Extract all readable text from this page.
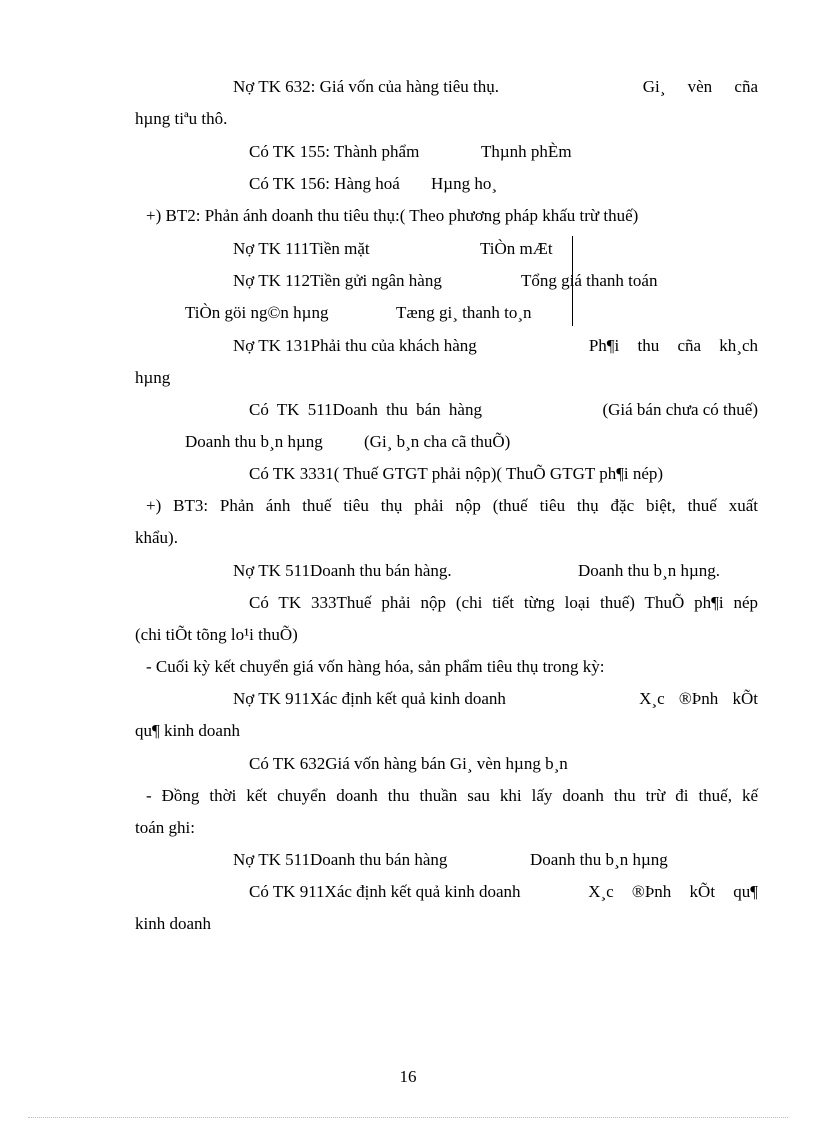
Nợ TK 632: Giá vốn của hàng tiêu thụ.	Gi¸ vèn cña
hµng tiªu thô.
Có TK 155: Thành phẩm	Thµnh phÈm
Có TK 156: Hàng hoá Hµng ho¸
+) BT2: Phản ánh doanh thu tiêu thụ:( Theo phương pháp khấu trừ thuế)
Nợ TK 111Tiền mặt	TiÒn mÆt
Nợ TK 112Tiền gửi ngân hàng	Tổng giá thanh toán
TiÒn göi ng©n hµng	Tæng gi¸ thanh to¸n
Nợ TK 131Phải thu của khách hàng	Ph¶i thu cña kh¸ch
hµng
Có TK 511Doanh thu bán hàng	(Giá bán chưa có thuế)
Doanh thu b¸n hµng (Gi¸ b¸n cha cã thuÕ)
Có TK 3331( Thuế GTGT phải nộp)( ThuÕ GTGT ph¶i nép)
+) BT3: Phản ánh thuế tiêu thụ phải nộp (thuế tiêu thụ đặc biệt, thuế xuất
khẩu).
Nợ TK 511Doanh thu bán hàng.	Doanh thu b¸n hµng.
Có TK 333Thuế phải nộp (chi tiết từng loại thuế) ThuÕ ph¶i nép
(chi tiÕt tõng lo¹i thuÕ)
- Cuối kỳ kết chuyển giá vốn hàng hóa, sản phẩm tiêu thụ trong kỳ:
Nợ TK 911Xác định kết quả kinh doanh	X¸c ®Þnh kÕt
qu¶ kinh doanh
Có TK 632Giá vốn hàng bán Gi¸ vèn hµng b¸n
- Đồng thời kết chuyển doanh thu thuần sau khi lấy doanh thu trừ đi thuế, kế
toán ghi:
Nợ TK 511Doanh thu bán hàng	Doanh thu b¸n hµng
Có TK 911Xác định kết quả kinh doanh	X¸c ®Þnh kÕt qu¶
kinh doanh
16
